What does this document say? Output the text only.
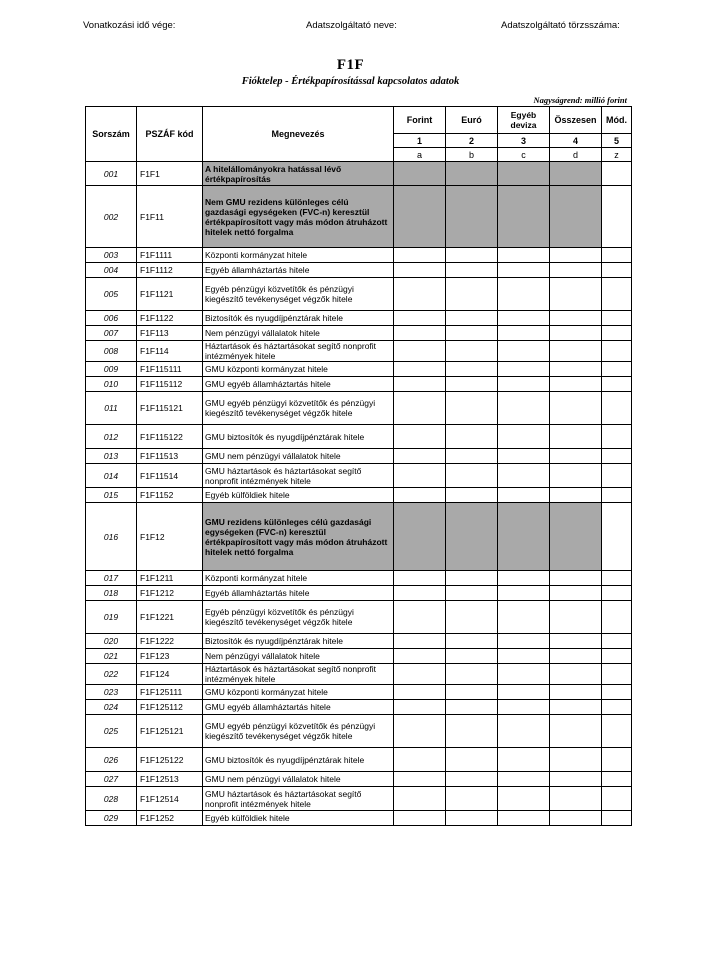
Vonatkozási idő vége:	Adatszolgáltató neve:	Adatszolgáltató törzsszáma:
F1F
Fióktelep - Értékpapírosítással kapcsolatos adatok
Nagyságrend: millió forint
Sorszám	PSZÁF kód	Megnevezés	Forint	Euró	Egyéb deviza	Összesen	Mód.
			1	2	3	4	5
			a	b	c	d	z
001	F1F1	A hitelállományokra hatással lévő értékpapírosítás					
002	F1F11	Nem GMU rezidens különleges célú gazdasági egységeken (FVC-n) keresztül értékpapírosított vagy más módon átruházott hitelek nettó forgalma					
003	F1F1111	Központi kormányzat hitele					
004	F1F1112	Egyéb államháztartás hitele					
005	F1F1121	Egyéb pénzügyi közvetítők és pénzügyi kiegészítő tevékenységet végzők hitele					
006	F1F1122	Biztosítók és nyugdíjpénztárak hitele					
007	F1F113	Nem pénzügyi vállalatok hitele					
008	F1F114	Háztartások és háztartásokat segítő nonprofit intézmények hitele					
009	F1F115111	GMU központi kormányzat hitele					
010	F1F115112	GMU egyéb államháztartás hitele					
011	F1F115121	GMU egyéb pénzügyi közvetítők és pénzügyi kiegészítő tevékenységet végzők hitele					
012	F1F115122	GMU biztosítók és nyugdíjpénztárak hitele					
013	F1F11513	GMU nem pénzügyi vállalatok hitele					
014	F1F11514	GMU háztartások és háztartásokat segítő nonprofit intézmények hitele					
015	F1F1152	Egyéb külföldiek hitele					
016	F1F12	GMU rezidens különleges célú gazdasági egységeken (FVC-n) keresztül értékpapírosított vagy más módon átruházott hitelek nettó forgalma					
017	F1F1211	Központi kormányzat hitele					
018	F1F1212	Egyéb államháztartás hitele					
019	F1F1221	Egyéb pénzügyi közvetítők és pénzügyi kiegészítő tevékenységet végzők hitele					
020	F1F1222	Biztosítók és nyugdíjpénztárak hitele					
021	F1F123	Nem pénzügyi vállalatok hitele					
022	F1F124	Háztartások és háztartásokat segítő nonprofit intézmények hitele					
023	F1F125111	GMU központi kormányzat hitele					
024	F1F125112	GMU egyéb államháztartás hitele					
025	F1F125121	GMU egyéb pénzügyi közvetítők és pénzügyi kiegészítő tevékenységet végzők hitele					
026	F1F125122	GMU biztosítók és nyugdíjpénztárak hitele					
027	F1F12513	GMU nem pénzügyi vállalatok hitele					
028	F1F12514	GMU háztartások és háztartásokat segítő nonprofit intézmények hitele					
029	F1F1252	Egyéb külföldiek hitele					
